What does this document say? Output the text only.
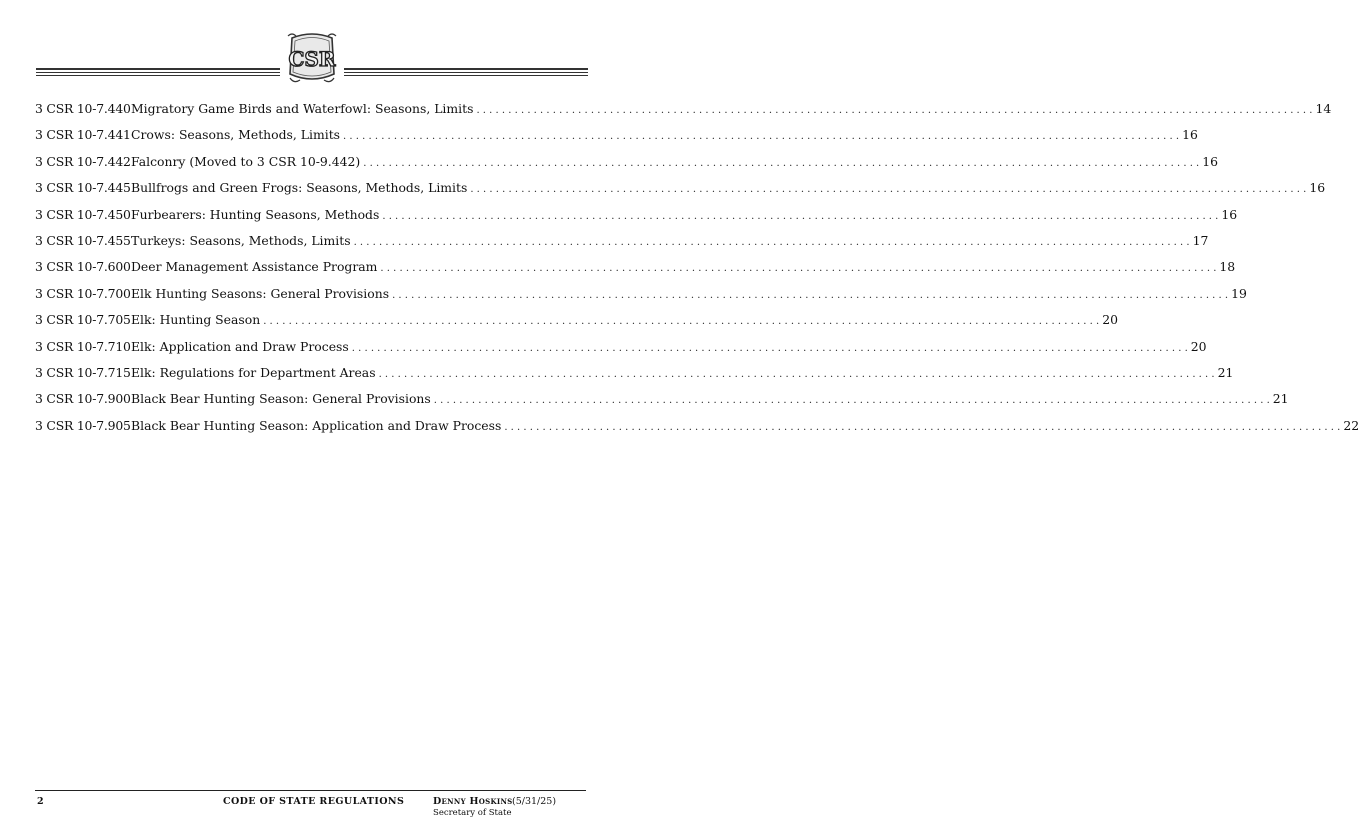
CSR
3 CSR 10-7.440 Migratory Game Birds and Waterfowl: Seasons, Limits . . .	14
3 CSR 10-7.441 Crows: Seasons, Methods, Limits . . .	16
3 CSR 10-7.442 Falconry (Moved to 3 CSR 10-9.442) . . .	16
3 CSR 10-7.445 Bullfrogs and Green Frogs: Seasons, Methods, Limits . . .	16
3 CSR 10-7.450 Furbearers: Hunting Seasons, Methods . . .	16
3 CSR 10-7.455 Turkeys: Seasons, Methods, Limits . . .	17
3 CSR 10-7.600 Deer Management Assistance Program . . .	18
3 CSR 10-7.700 Elk Hunting Seasons: General Provisions . . .	19
3 CSR 10-7.705 Elk: Hunting Season . . .	20
3 CSR 10-7.710 Elk: Application and Draw Process . . .	20
3 CSR 10-7.715 Elk: Regulations for Department Areas . . .	21
3 CSR 10-7.900 Black Bear Hunting Season: General Provisions . . .	21
3 CSR 10-7.905 Black Bear Hunting Season: Application and Draw Process . . .	22
2	CODE OF STATE REGULATIONS	Denny Hoskins (5/31/25)
Secretary of State
